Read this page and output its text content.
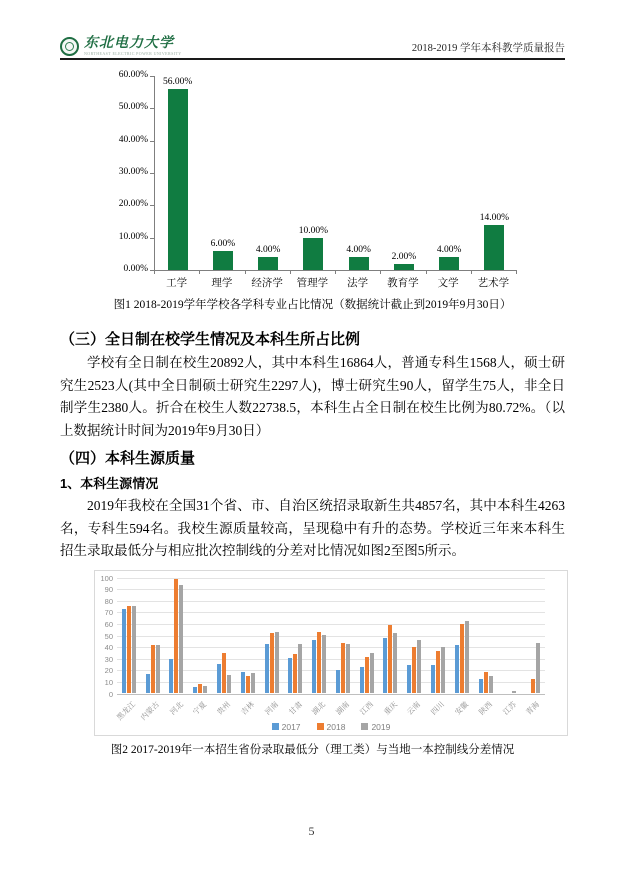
东北电力大学
NORTHEAST ELECTRIC POWER UNIVERSITY	2018-2019 学年本科教学质量报告
0.00%
10.00%
20.00%
30.00%
40.00%
50.00%
60.00%
56.00%
6.00%
4.00%
10.00%
4.00%
2.00%
4.00%
14.00%
工学	理学	经济学	管理学	法学	教育学	文学	艺术学
图1 2018-2019学年学校各学科专业占比情况（数据统计截止到2019年9月30日）
（三）全日制在校学生情况及本科生所占比例
学校有全日制在校生20892人，其中本科生16864人，普通专科生1568人，硕士研究生2523人(其中全日制硕士研究生2297人)，博士研究生90人，留学生75人，非全日制学生2380人。折合在校生人数22738.5，本科生占全日制在校生比例为80.72%。（以上数据统计时间为2019年9月30日）
（四）本科生源质量
1、本科生源情况
2019年我校在全国31个省、市、自治区统招录取新生共4857名，其中本科生4263名，专科生594名。我校生源质量较高，呈现稳中有升的态势。学校近三年来本科生招生录取最低分与相应批次控制线的分差对比情况如图2至图5所示。
0
10
20
30
40
50
60
70
80
90
100
黑龙江 内蒙古 河北 宁夏 贵州 吉林 河南 甘肃 湖北 湖南 江西 重庆 云南 四川 安徽 陕西 江苏 青海
2017	2018	2019
图2 2017-2019年一本招生省份录取最低分（理工类）与当地一本控制线分差情况
5
